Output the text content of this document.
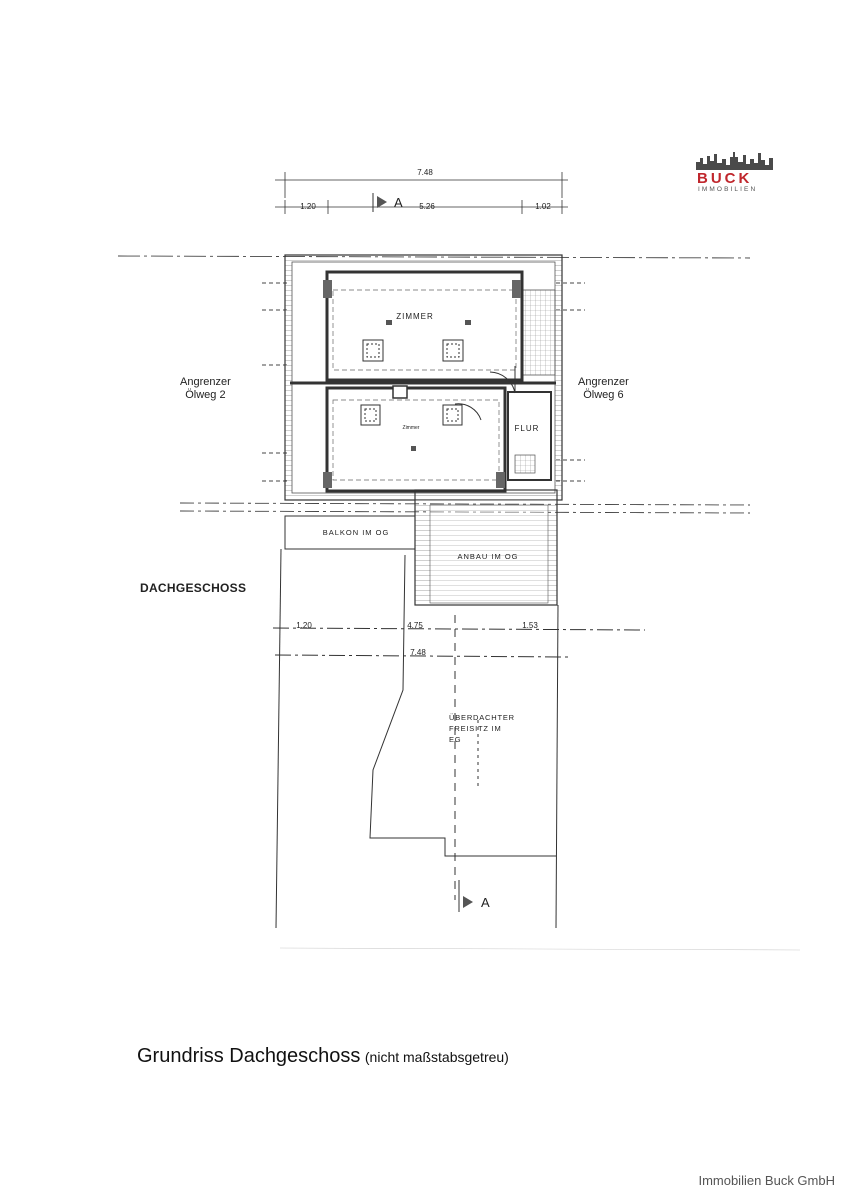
7.48
1.20	5.26	1.02
A
1.20	4.75	1.53
7.48
A
ZIMMER
Zimmer	FLUR
BALKON IM OG
ANBAU IM OG
ÜBERDACHTER
FREISITZ IM
EG
BUCK
IMMOBILIEN
Angrenzer
Ölweg 2
Angrenzer
Ölweg 6
DACHGESCHOSS
Grundriss Dachgeschoss (nicht maßstabsgetreu)
Immobilien Buck GmbH
